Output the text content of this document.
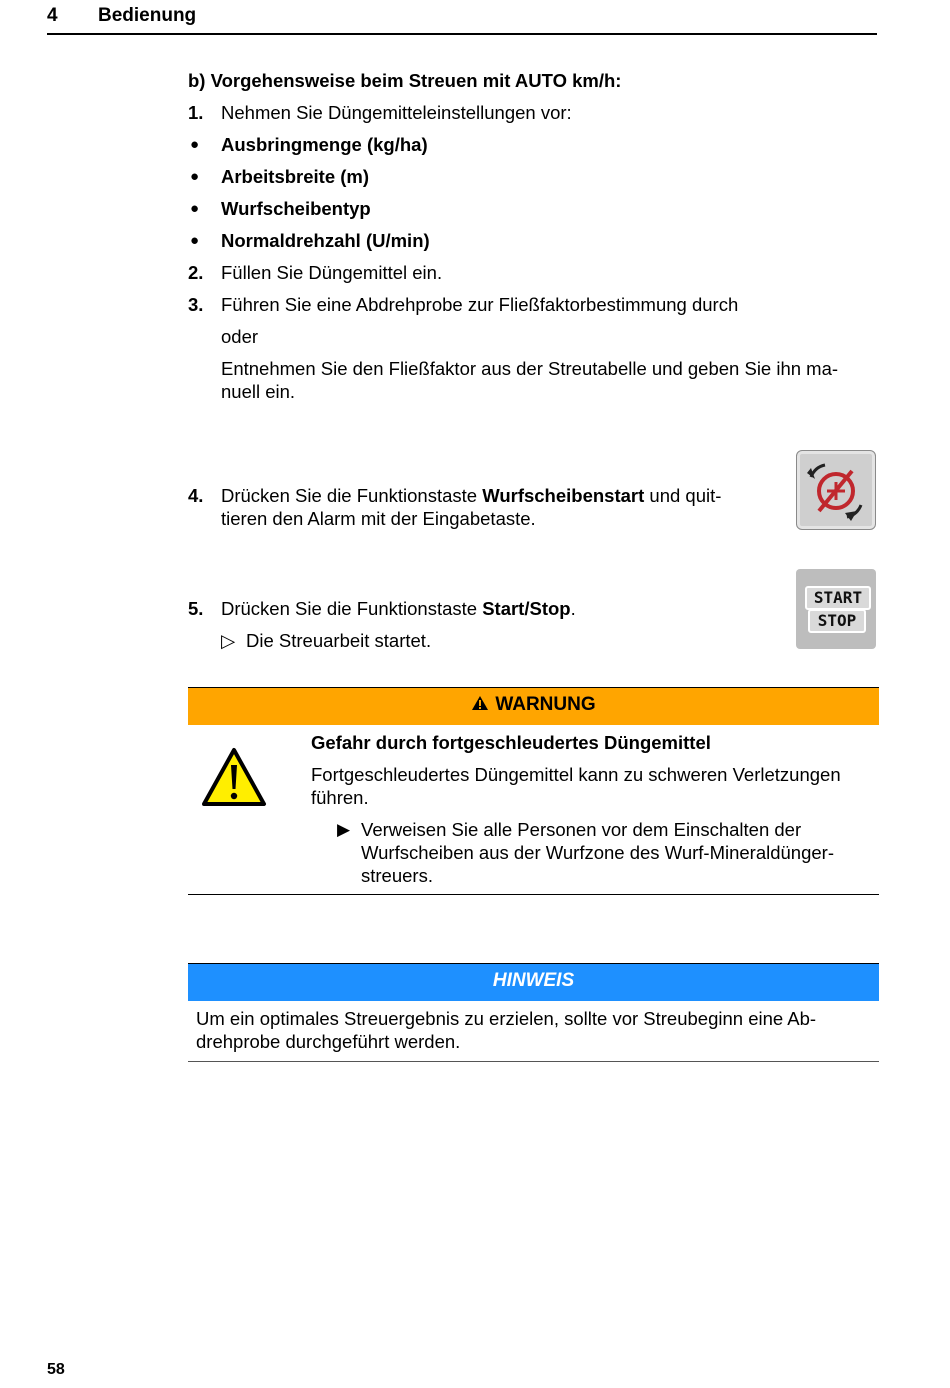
4 Bedienung
b) Vorgehensweise beim Streuen mit AUTO km/h:
1. Nehmen Sie Düngemitteleinstellungen vor:
● Ausbringmenge (kg/ha)
● Arbeitsbreite (m)
● Wurfscheibentyp
● Normaldrehzahl (U/min)
2. Füllen Sie Düngemittel ein.
3. Führen Sie eine Abdrehprobe zur Fließfaktorbestimmung durch
oder
Entnehmen Sie den Fließfaktor aus der Streutabelle und geben Sie ihn ma-
nuell ein.
4. Drücken Sie die Funktionstaste Wurfscheibenstart und quit-
tieren den Alarm mit der Eingabetaste.
5. Drücken Sie die Funktionstaste Start/Stop.
▷ Die Streuarbeit startet.
START
STOP
WARNUNG
Gefahr durch fortgeschleudertes Düngemittel
Fortgeschleudertes Düngemittel kann zu schweren Verletzungen
führen.
▶ Verweisen Sie alle Personen vor dem Einschalten der
Wurfscheiben aus der Wurfzone des Wurf-Mineraldünger-
streuers.
HINWEIS
Um ein optimales Streuergebnis zu erzielen, sollte vor Streubeginn eine Ab-
drehprobe durchgeführt werden.
58
